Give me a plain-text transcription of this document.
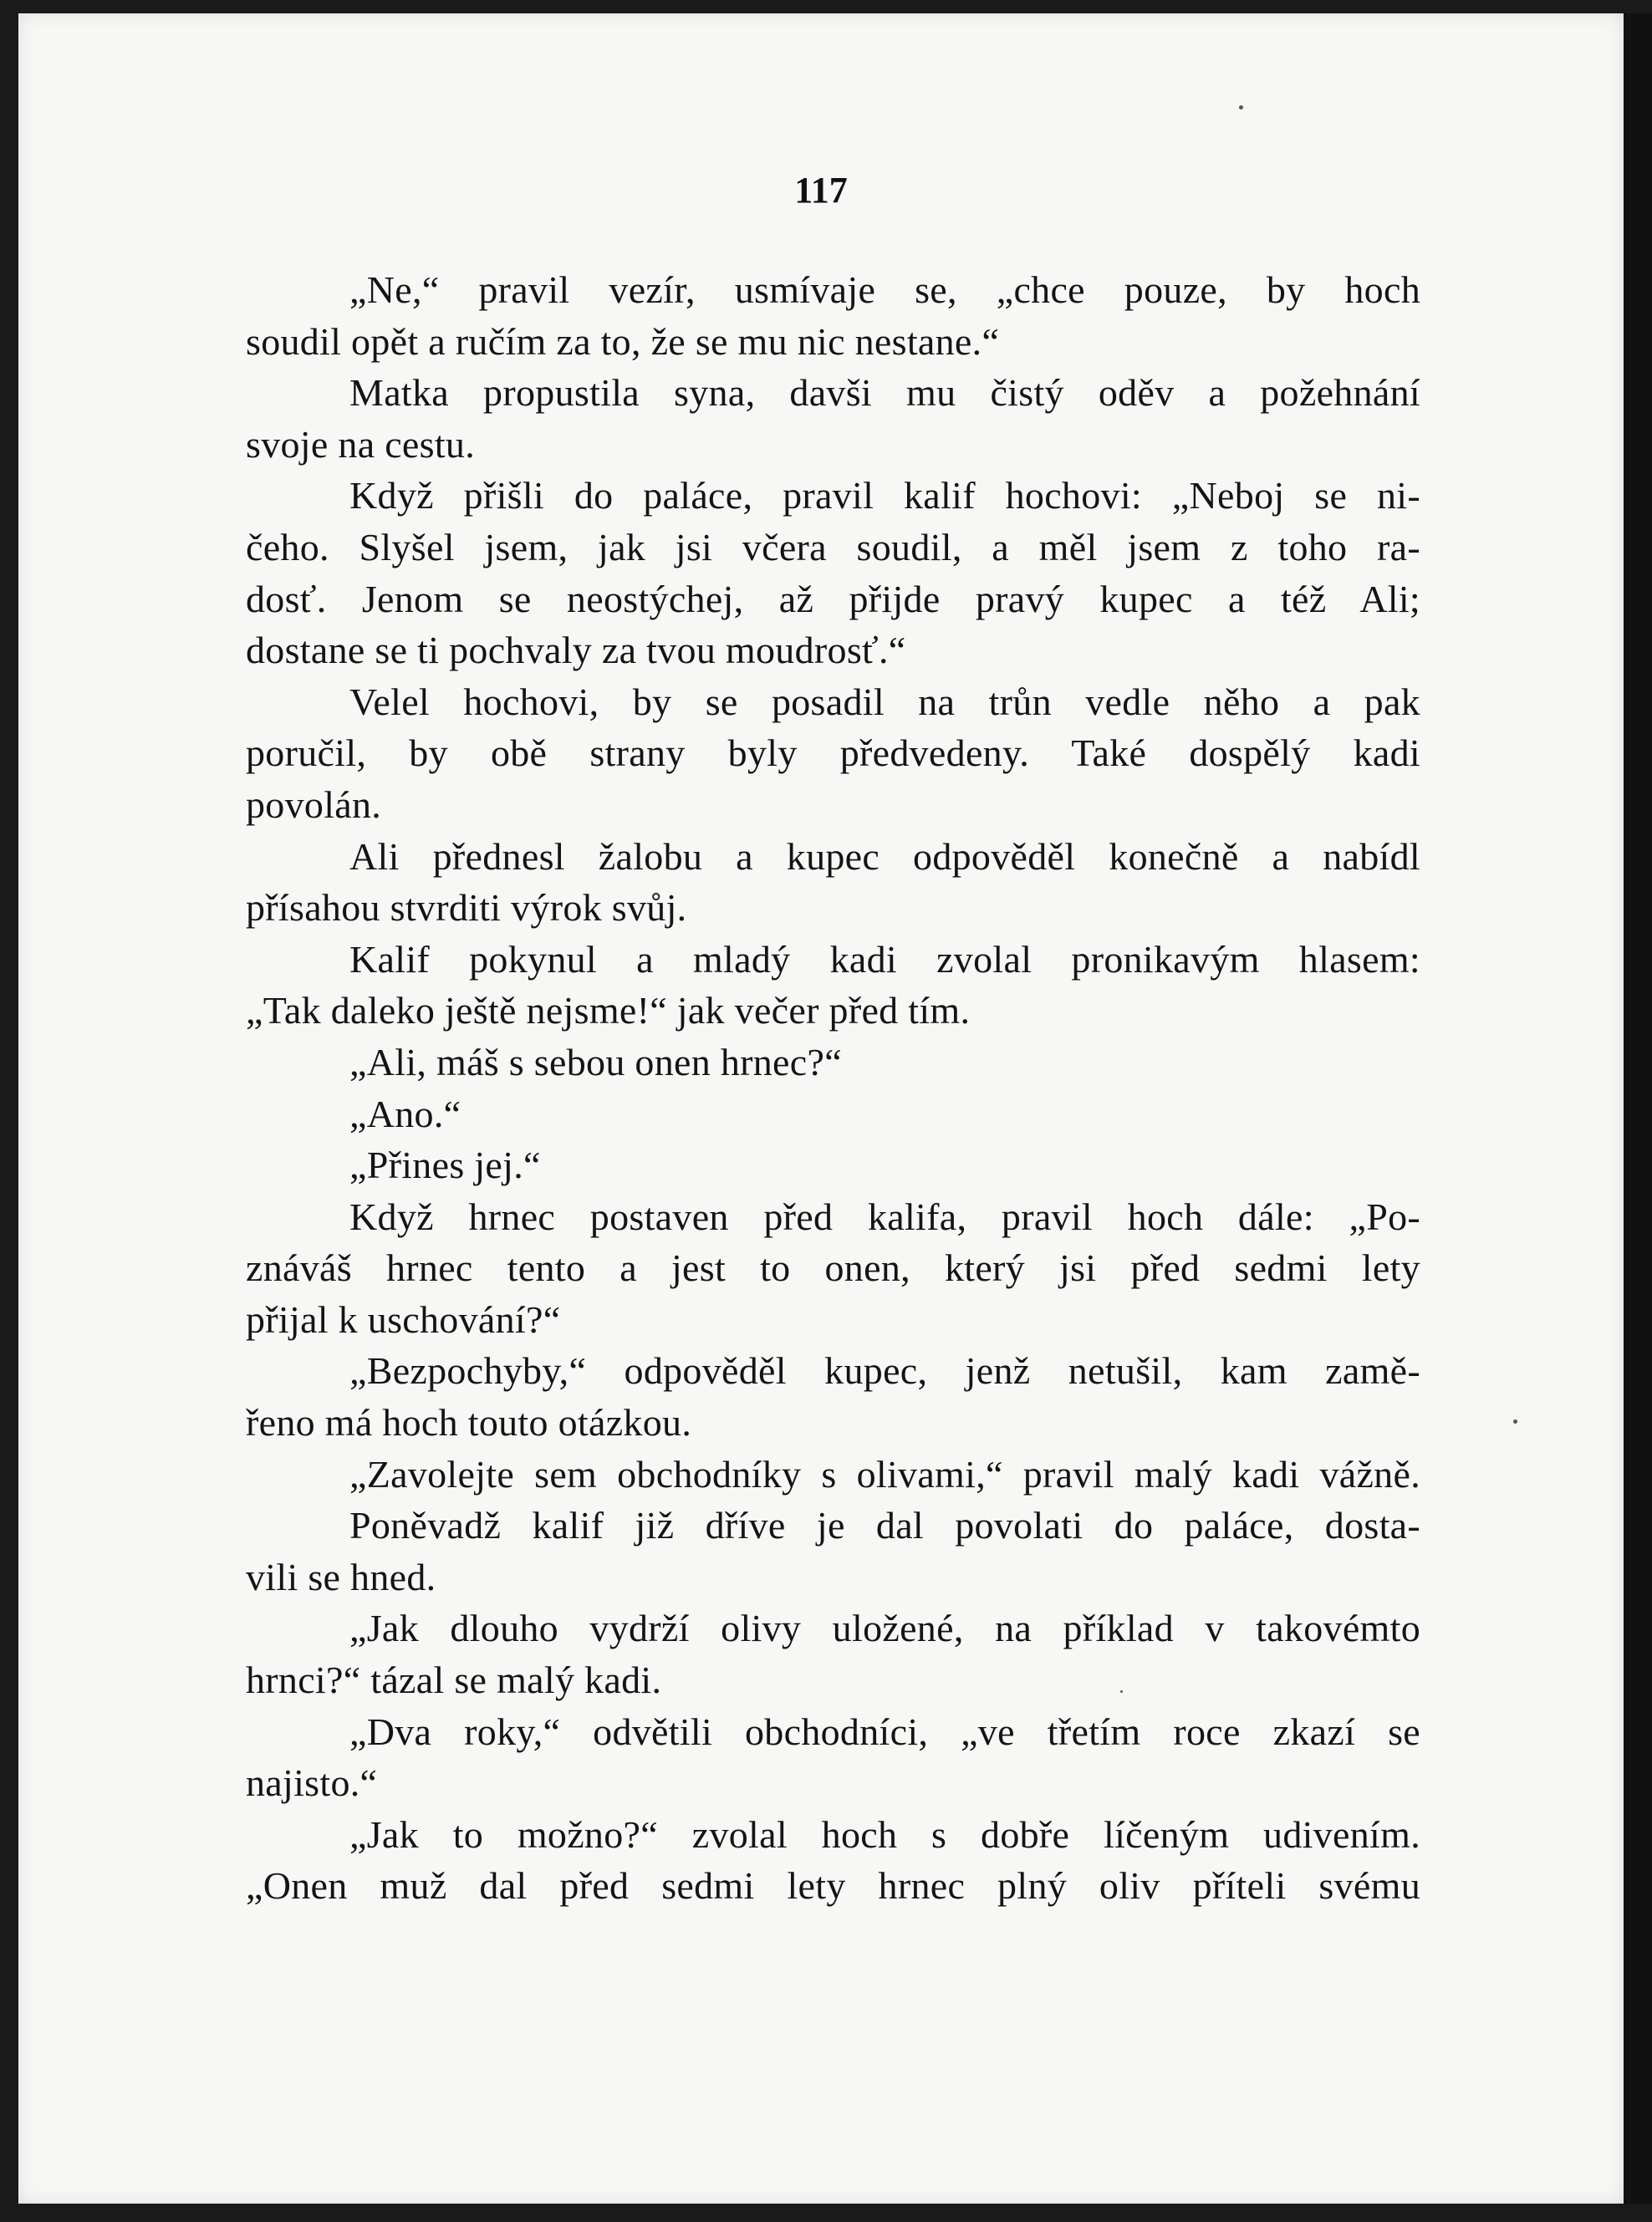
117
„Ne,“ pravil vezír, usmívaje se, „chce pouze, by hoch
soudil opět a ručím za to, že se mu nic nestane.“
Matka propustila syna, davši mu čistý oděv a požehnání
svoje na cestu.
Když přišli do paláce, pravil kalif hochovi: „Neboj se ni-
čeho. Slyšel jsem, jak jsi včera soudil, a měl jsem z toho ra-
dosť. Jenom se neostýchej, až přijde pravý kupec a též Ali;
dostane se ti pochvaly za tvou moudrosť.“
Velel hochovi, by se posadil na trůn vedle něho a pak
poručil, by obě strany byly předvedeny. Také dospělý kadi
povolán.
Ali přednesl žalobu a kupec odpověděl konečně a nabídl
přísahou stvrditi výrok svůj.
Kalif pokynul a mladý kadi zvolal pronikavým hlasem:
„Tak daleko ještě nejsme!“ jak večer před tím.
„Ali, máš s sebou onen hrnec?“
„Ano.“
„Přines jej.“
Když hrnec postaven před kalifa, pravil hoch dále: „Po-
znáváš hrnec tento a jest to onen, který jsi před sedmi lety
přijal k uschování?“
„Bezpochyby,“ odpověděl kupec, jenž netušil, kam zamě-
řeno má hoch touto otázkou.
„Zavolejte sem obchodníky s olivami,“ pravil malý kadi vážně.
Poněvadž kalif již dříve je dal povolati do paláce, dosta-
vili se hned.
„Jak dlouho vydrží olivy uložené, na příklad v takovémto
hrnci?“ tázal se malý kadi.
„Dva roky,“ odvětili obchodníci, „ve třetím roce zkazí se
najisto.“
„Jak to možno?“ zvolal hoch s dobře líčeným udivením.
„Onen muž dal před sedmi lety hrnec plný oliv příteli svému
